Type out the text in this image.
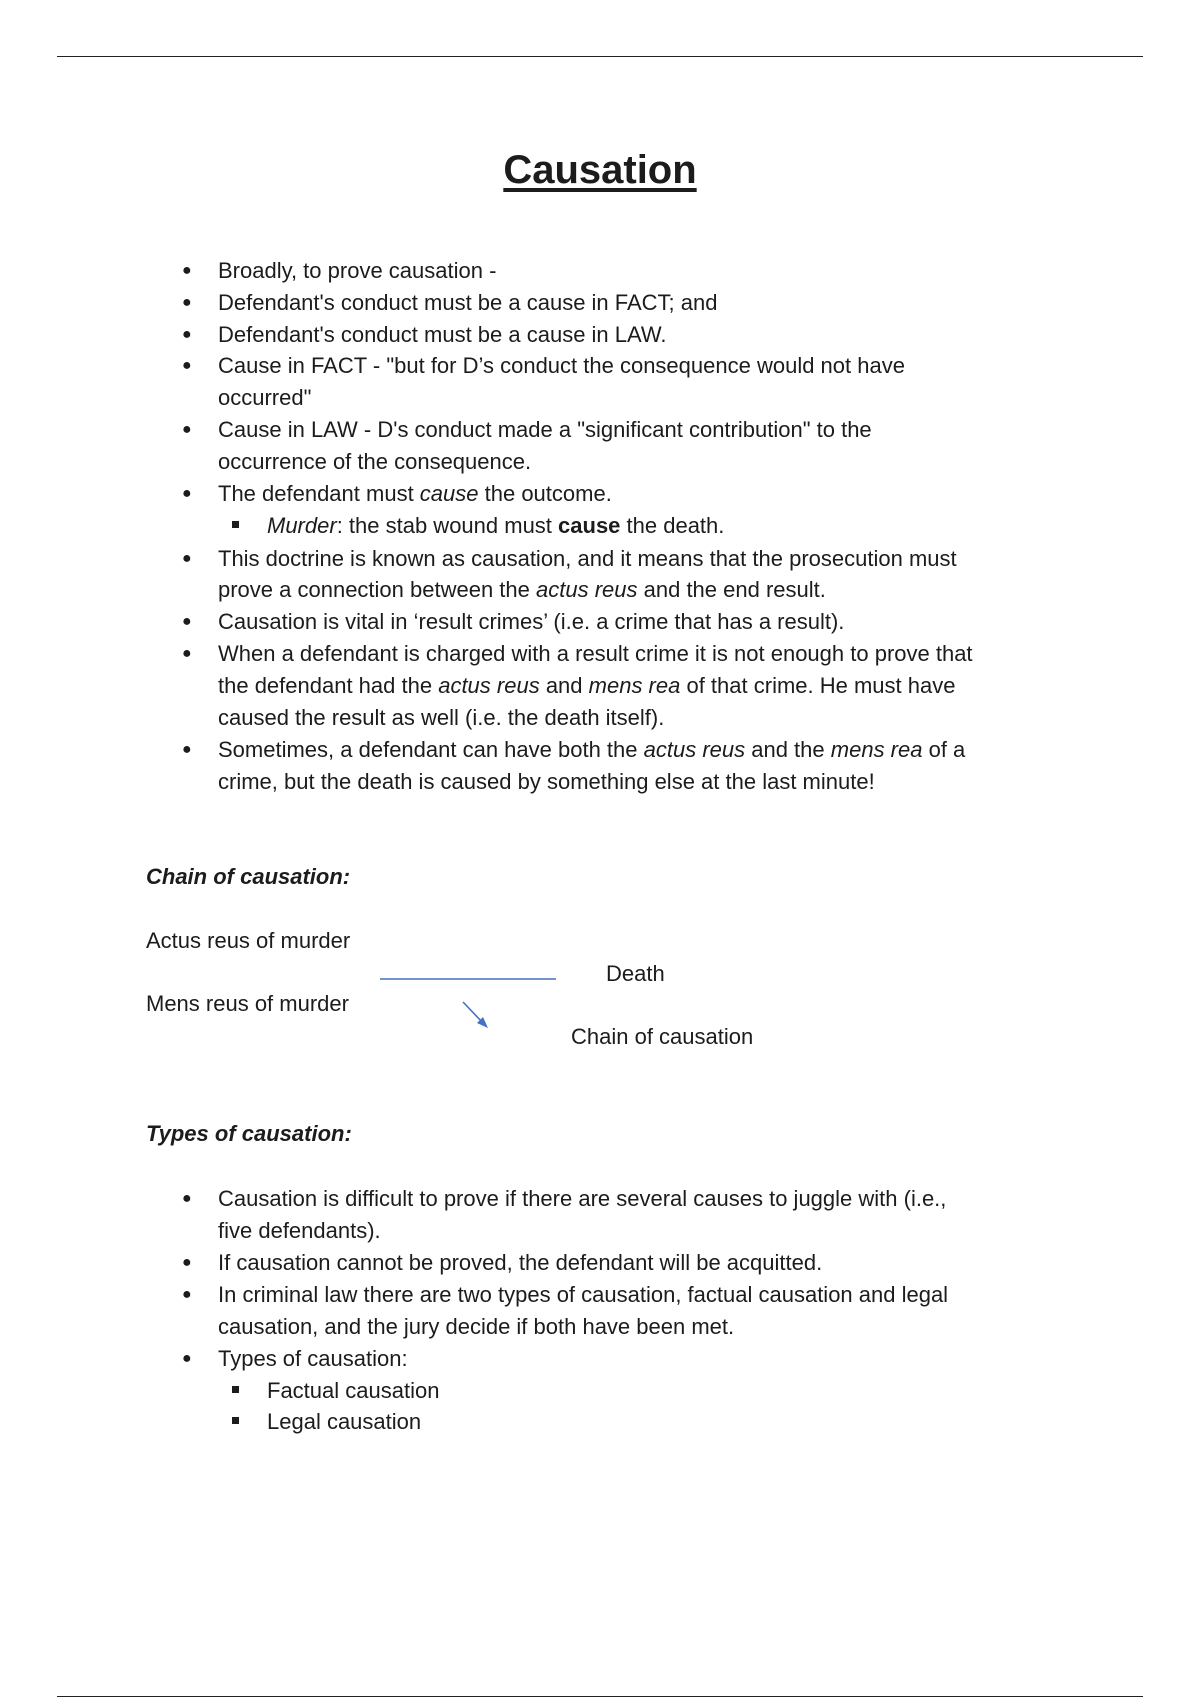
Causation
● Broadly, to prove causation -
● Defendant's conduct must be a cause in FACT; and
● Defendant's conduct must be a cause in LAW.
● Cause in FACT - "but for D’s conduct the consequence would not have
occurred"
● Cause in LAW - D's conduct made a "significant contribution" to the
occurrence of the consequence.
● The defendant must cause the outcome.
Murder: the stab wound must cause the death.
● This doctrine is known as causation, and it means that the prosecution must
prove a connection between the actus reus and the end result.
● Causation is vital in ‘result crimes’ (i.e. a crime that has a result).
● When a defendant is charged with a result crime it is not enough to prove that
the defendant had the actus reus and mens rea of that crime. He must have
caused the result as well (i.e. the death itself).
● Sometimes, a defendant can have both the actus reus and the mens rea of a
crime, but the death is caused by something else at the last minute!
Chain of causation:
Actus reus of murder
Mens reus of murder
Death
Chain of causation
Types of causation:
● Causation is difficult to prove if there are several causes to juggle with (i.e.,
five defendants).
● If causation cannot be proved, the defendant will be acquitted.
● In criminal law there are two types of causation, factual causation and legal
causation, and the jury decide if both have been met.
● Types of causation:
Factual causation
Legal causation
